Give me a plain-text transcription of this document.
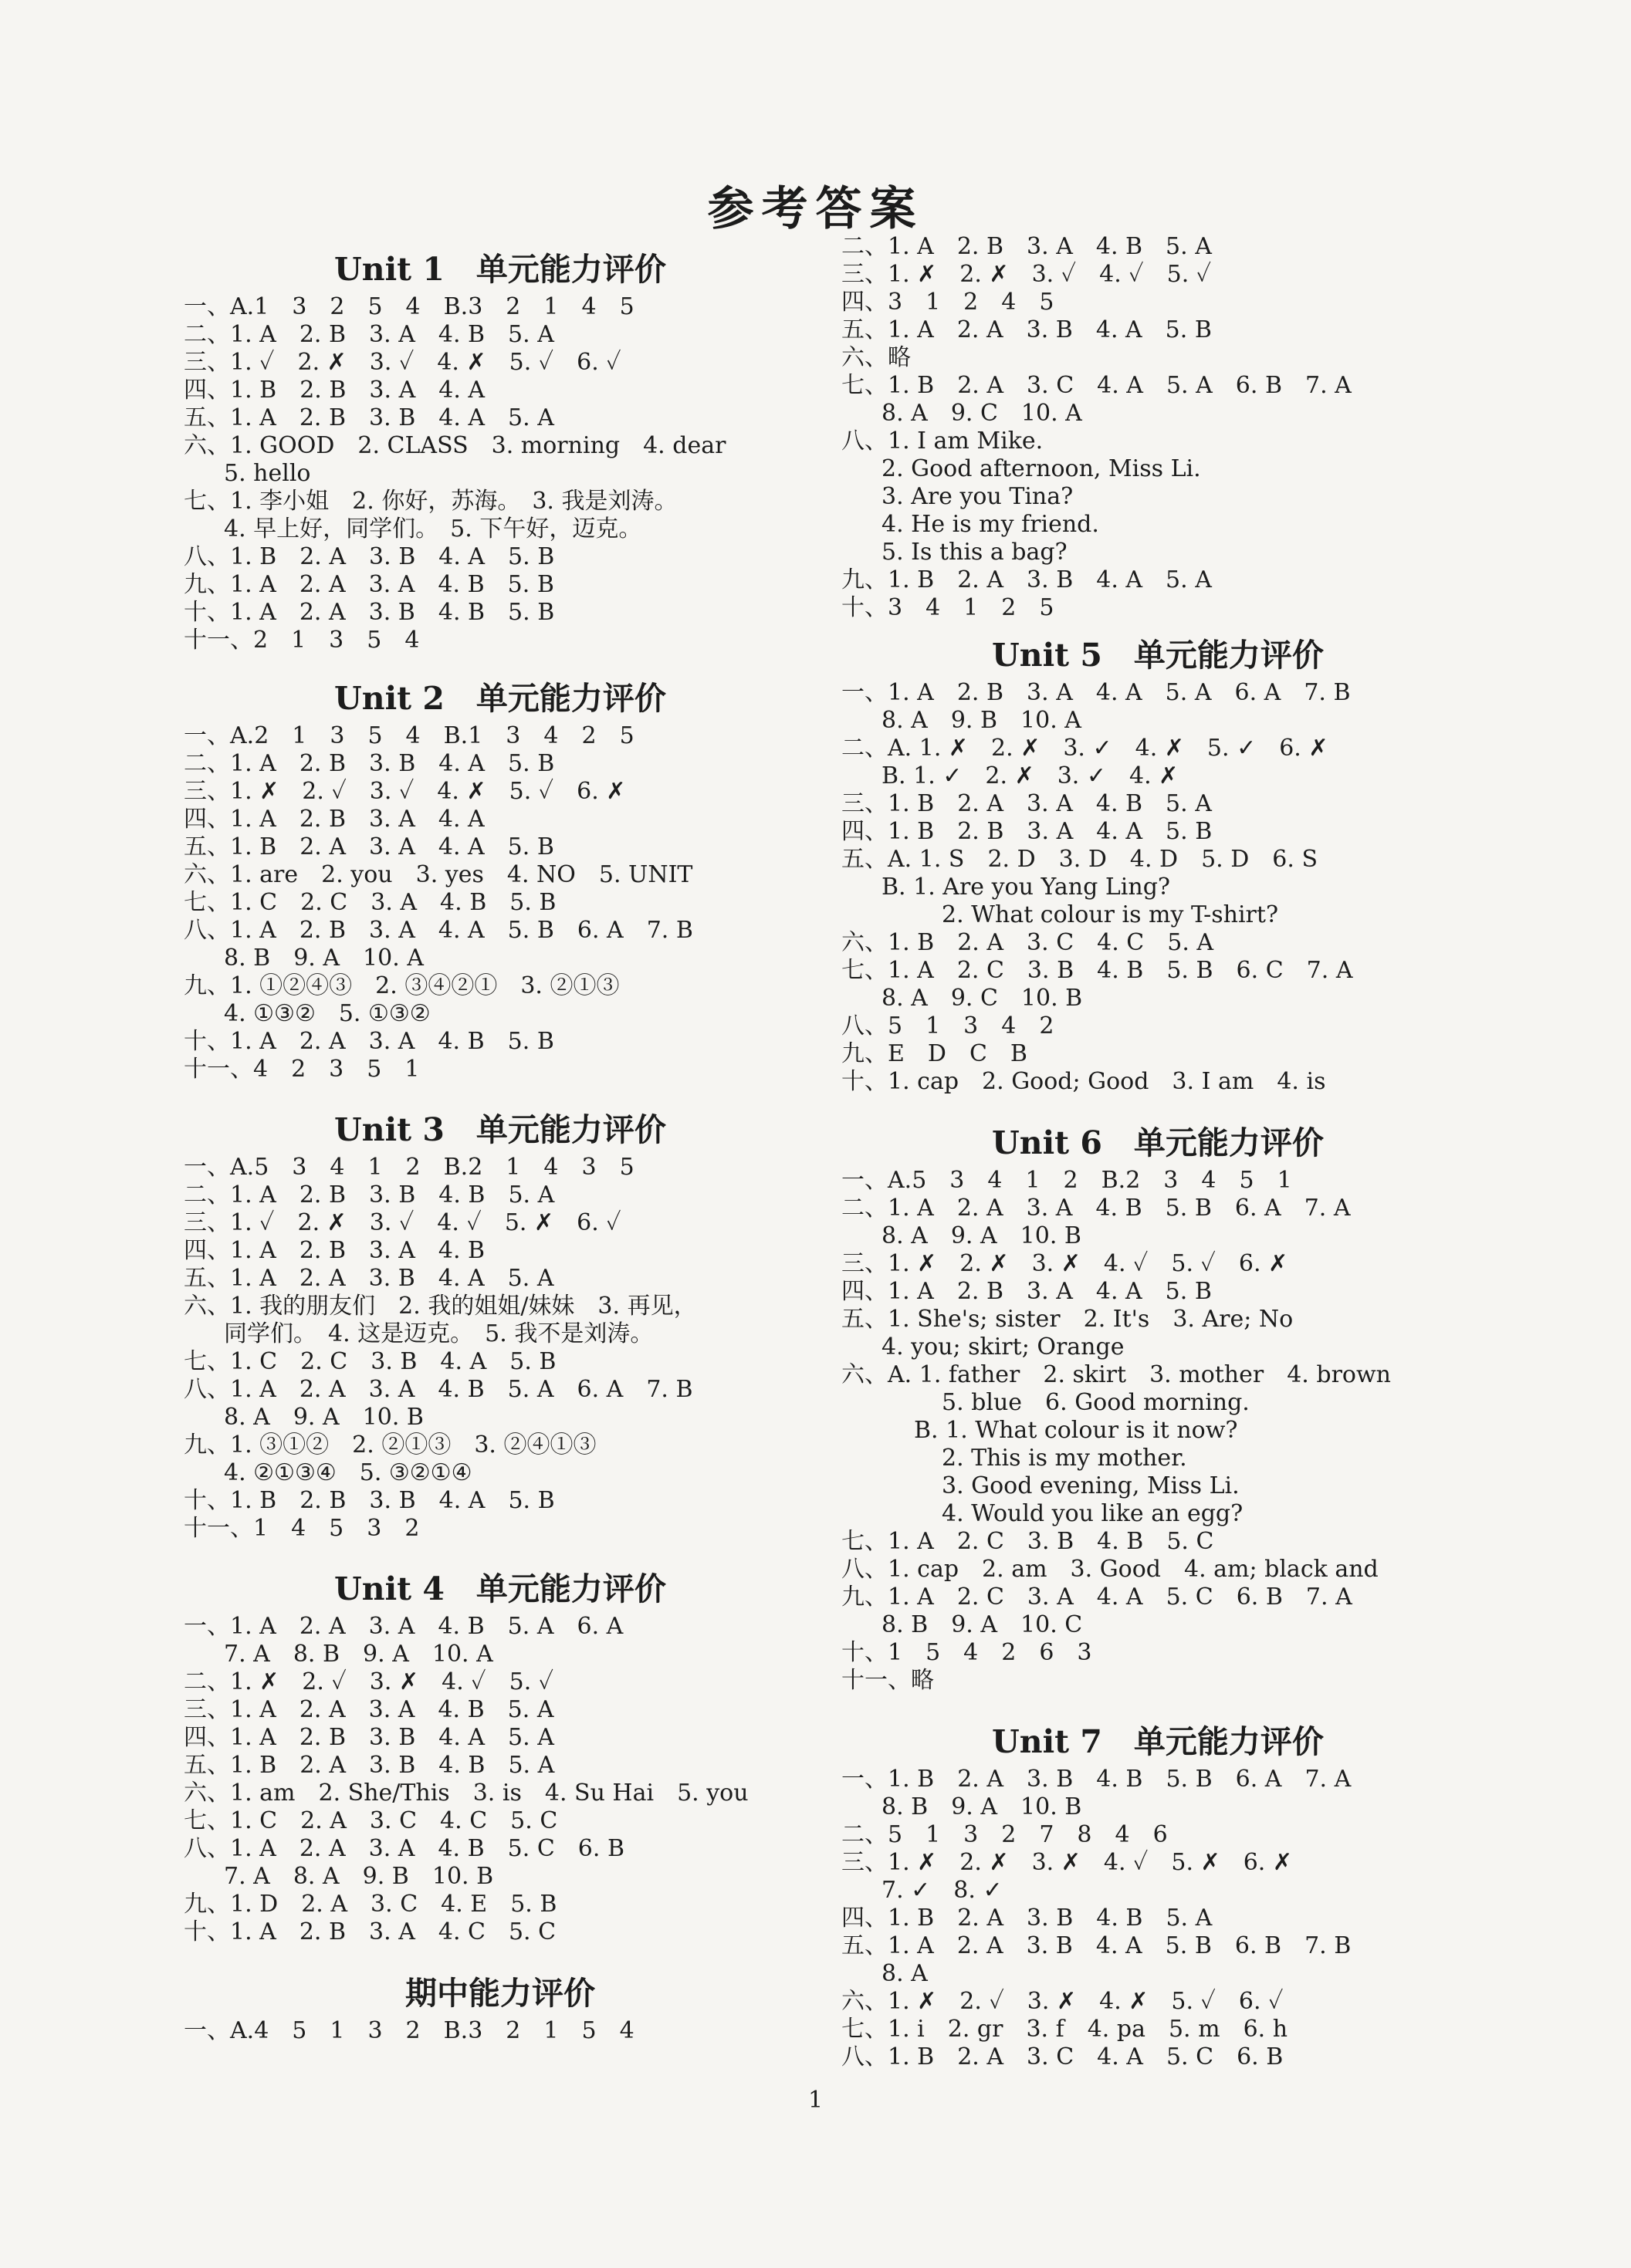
参考答案
Unit 1　单元能力评价

一、A.1　3　2　5　4　B.3　2　1　4　5

二、1. A　2. B　3. A　4. B　5. A

三、1. ✓　2. ✗　3. ✓　4. ✗　5. ✓　6. ✓

四、1. B　2. B　3. A　4. A

五、1. A　2. B　3. B　4. A　5. A

六、1. GOOD　2. CLASS　3. morning　4. dear

5. hello

七、1. 李小姐　2. 你好，苏海。　3. 我是刘涛。

4. 早上好，同学们。　5. 下午好，迈克。

八、1. B　2. A　3. B　4. A　5. B

九、1. A　2. A　3. A　4. B　5. B

十、1. A　2. A　3. B　4. B　5. B

十一、2　1　3　5　4

Unit 2　单元能力评价

一、A.2　1　3　5　4　B.1　3　4　2　5

二、1. A　2. B　3. B　4. A　5. B

三、1. ✗　2. ✓　3. ✓　4. ✗　5. ✓　6. ✗

四、1. A　2. B　3. A　4. A

五、1. B　2. A　3. A　4. A　5. B

六、1. are　2. you　3. yes　4. NO　5. UNIT

七、1. C　2. C　3. A　4. B　5. B

八、1. A　2. B　3. A　4. A　5. B　6. A　7. B

8. B　9. A　10. A

九、1. ①②④③　2. ③④②①　3. ②①③

4. ①③②　5. ①③②

十、1. A　2. A　3. A　4. B　5. B

十一、4　2　3　5　1

Unit 3　单元能力评价

一、A.5　3　4　1　2　B.2　1　4　3　5

二、1. A　2. B　3. B　4. B　5. A

三、1. ✓　2. ✗　3. ✓　4. ✓　5. ✗　6. ✓

四、1. A　2. B　3. A　4. B

五、1. A　2. A　3. B　4. A　5. A

六、1. 我的朋友们　2. 我的姐姐/妹妹　3. 再见，

同学们。　4. 这是迈克。　5. 我不是刘涛。

七、1. C　2. C　3. B　4. A　5. B

八、1. A　2. A　3. A　4. B　5. A　6. A　7. B

8. A　9. A　10. B

九、1. ③①②　2. ②①③　3. ②④①③

4. ②①③④　5. ③②①④

十、1. B　2. B　3. B　4. A　5. B

十一、1　4　5　3　2

Unit 4　单元能力评价

一、1. A　2. A　3. A　4. B　5. A　6. A

7. A　8. B　9. A　10. A

二、1. ✗　2. ✓　3. ✗　4. ✓　5. ✓

三、1. A　2. A　3. A　4. B　5. A

四、1. A　2. B　3. B　4. A　5. A

五、1. B　2. A　3. B　4. B　5. A

六、1. am　2. She/This　3. is　4. Su Hai　5. you

七、1. C　2. A　3. C　4. C　5. C

八、1. A　2. A　3. A　4. B　5. C　6. B

7. A　8. A　9. B　10. B

九、1. D　2. A　3. C　4. E　5. B

十、1. A　2. B　3. A　4. C　5. C

期中能力评价

一、A.4　5　1　3　2　B.3　2　1　5　4

二、1. A　2. B　3. A　4. B　5. A

三、1. ✗　2. ✗　3. ✓　4. ✓　5. ✓

四、3　1　2　4　5

五、1. A　2. A　3. B　4. A　5. B

六、略

七、1. B　2. A　3. C　4. A　5. A　6. B　7. A

8. A　9. C　10. A

八、1. I am Mike.

2. Good afternoon, Miss Li.

3. Are you Tina?

4. He is my friend.

5. Is this a bag?

九、1. B　2. A　3. B　4. A　5. A

十、3　4　1　2　5

Unit 5　单元能力评价

一、1. A　2. B　3. A　4. A　5. A　6. A　7. B

8. A　9. B　10. A

二、A. 1. ✗　2. ✗　3. ✓　4. ✗　5. ✓　6. ✗

B. 1. ✓　2. ✗　3. ✓　4. ✗

三、1. B　2. A　3. A　4. B　5. A

四、1. B　2. B　3. A　4. A　5. B

五、A. 1. S　2. D　3. D　4. D　5. D　6. S

B. 1. Are you Yang Ling?

2. What colour is my T-shirt?

六、1. B　2. A　3. C　4. C　5. A

七、1. A　2. C　3. B　4. B　5. B　6. C　7. A

8. A　9. C　10. B

八、5　1　3　4　2

九、E　D　C　B

十、1. cap　2. Good; Good　3. I am　4. is

Unit 6　单元能力评价

一、A.5　3　4　1　2　B.2　3　4　5　1

二、1. A　2. A　3. A　4. B　5. B　6. A　7. A

8. A　9. A　10. B

三、1. ✗　2. ✗　3. ✗　4. ✓　5. ✓　6. ✗

四、1. A　2. B　3. A　4. A　5. B

五、1. She's; sister　2. It's　3. Are; No

4. you; skirt; Orange

六、A. 1. father　2. skirt　3. mother　4. brown

5. blue　6. Good morning.

B. 1. What colour is it now?

2. This is my mother.

3. Good evening, Miss Li.

4. Would you like an egg?

七、1. A　2. C　3. B　4. B　5. C

八、1. cap　2. am　3. Good　4. am; black and

九、1. A　2. C　3. A　4. A　5. C　6. B　7. A

8. B　9. A　10. C

十、1　5　4　2　6　3

十一、略

Unit 7　单元能力评价

一、1. B　2. A　3. B　4. B　5. B　6. A　7. A

8. B　9. A　10. B

二、5　1　3　2　7　8　4　6

三、1. ✗　2. ✗　3. ✗　4. ✓　5. ✗　6. ✗

7. ✓　8. ✓

四、1. B　2. A　3. B　4. B　5. A

五、1. A　2. A　3. B　4. A　5. B　6. B　7. B

8. A

六、1. ✗　2. ✓　3. ✗　4. ✗　5. ✓　6. ✓

七、1. i　2. gr　3. f　4. pa　5. m　6. h

八、1. B　2. A　3. C　4. A　5. C　6. B

1
